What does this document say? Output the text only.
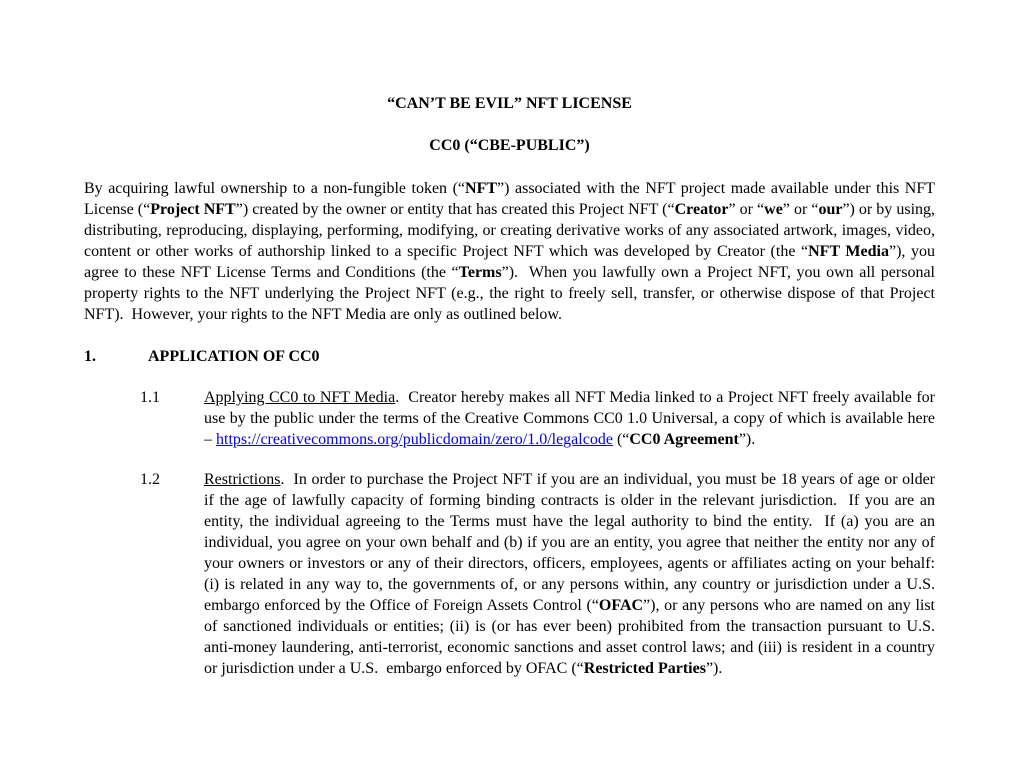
“CAN’T BE EVIL” NFT LICENSE
CC0 (“CBE-PUBLIC”)

By acquiring lawful ownership to a non-fungible token (“NFT”) associated with the NFT project made available under this NFT License (“Project NFT”) created by the owner or entity that has created this Project NFT (“Creator” or “we” or “our”) or by using, distributing, reproducing, displaying, performing, modifying, or creating derivative works of any associated artwork, images, video, content or other works of authorship linked to a specific Project NFT which was developed by Creator (the “NFT Media”), you agree to these NFT License Terms and Conditions (the “Terms”).  When you lawfully own a Project NFT, you own all personal property rights to the NFT underlying the Project NFT (e.g., the right to freely sell, transfer, or otherwise dispose of that Project NFT).  However, your rights to the NFT Media are only as outlined below.

1.	APPLICATION OF CC0
1.1	Applying CC0 to NFT Media.  Creator hereby makes all NFT Media linked to a Project NFT freely available for use by the public under the terms of the Creative Commons CC0 1.0 Universal, a copy of which is available here – https://creativecommons.org/publicdomain/zero/1.0/legalcode (“CC0 Agreement”).

1.2	Restrictions.  In order to purchase the Project NFT if you are an individual, you must be 18 years of age or older if the age of lawfully capacity of forming binding contracts is older in the relevant jurisdiction.  If you are an entity, the individual agreeing to the Terms must have the legal authority to bind the entity.  If (a) you are an individual, you agree on your own behalf and (b) if you are an entity, you agree that neither the entity nor any of your owners or investors or any of their directors, officers, employees, agents or affiliates acting on your behalf: (i) is related in any way to, the governments of, or any persons within, any country or jurisdiction under a U.S.  embargo enforced by the Office of Foreign Assets Control (“OFAC”), or any persons who are named on any list of sanctioned individuals or entities; (ii) is (or has ever been) prohibited from the transaction pursuant to U.S.  anti-money laundering, anti-terrorist, economic sanctions and asset control laws; and (iii) is resident in a country or jurisdiction under a U.S.  embargo enforced by OFAC (“Restricted Parties”).
